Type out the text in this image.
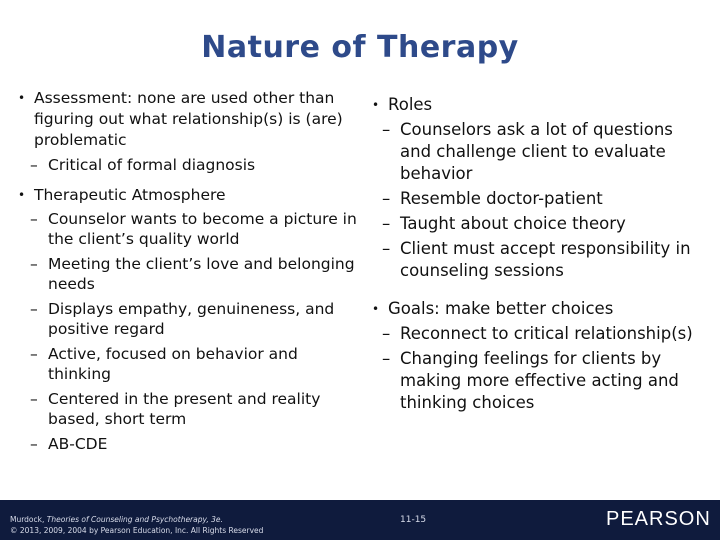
Nature of Therapy
• Assessment: none are used other than figuring out what relationship(s) is (are) problematic
– Critical of formal diagnosis
• Therapeutic Atmosphere
– Counselor wants to become a picture in the client’s quality world
– Meeting the client’s love and belonging needs
– Displays empathy, genuineness, and positive regard
– Active, focused on behavior and thinking
– Centered in the present and reality based, short term
– AB-CDE
• Roles
– Counselors ask a lot of questions and challenge client to evaluate behavior
– Resemble doctor-patient
– Taught about choice theory
– Client must accept responsibility in counseling sessions
• Goals: make better choices
– Reconnect to critical relationship(s)
– Changing feelings for clients by making more effective acting and thinking choices
Murdock, Theories of Counseling and Psychotherapy, 3e.
© 2013, 2009, 2004 by Pearson Education, Inc. All Rights Reserved
11-15	PEARSON
